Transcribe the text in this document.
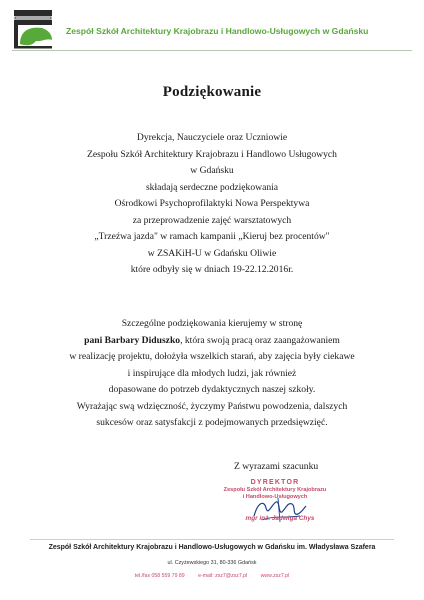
Zespół Szkół Architektury Krajobrazu i Handlowo-Usługowych w Gdańsku
Podziękowanie
Dyrekcja, Nauczyciele oraz Uczniowie
Zespołu Szkół Architektury Krajobrazu i Handlowo Usługowych
w Gdańsku
składają serdeczne podziękowania
Ośrodkowi Psychoprofilaktyki Nowa Perspektywa
za przeprowadzenie zajęć warsztatowych
„Trzeźwa jazda" w ramach kampanii „Kieruj bez procentów"
w ZSAKiH-U w Gdańsku Oliwie
które odbyły się w dniach 19-22.12.2016r.
Szczególne podziękowania kierujemy w stronę
pani Barbary Diduszko, która swoją pracą oraz zaangażowaniem
w realizację projektu, dołożyła wszelkich starań, aby zajęcia były ciekawe
i inspirujące dla młodych ludzi, jak również
dopasowane do potrzeb dydaktycznych naszej szkoły.
Wyrażając swą wdzięczność, życzymy Państwu powodzenia, dalszych
sukcesów oraz satysfakcji z podejmowanych przedsięwzięć.
Z wyrazami szacunku
DYREKTOR
Zespołu Szkół Architektury Krajobrazu
i Handlowo-Usługowych
mgr inż. Jadwiga Chys
Zespół Szkół Architektury Krajobrazu i Handlowo-Usługowych w Gdańsku im. Władysława Szafera
ul. Czyżewskiego 31, 80-336 Gdańsk
tel./fax 058 559 79 89	e-mail: zsz7@zsz7.pl	www.zsz7.pl
